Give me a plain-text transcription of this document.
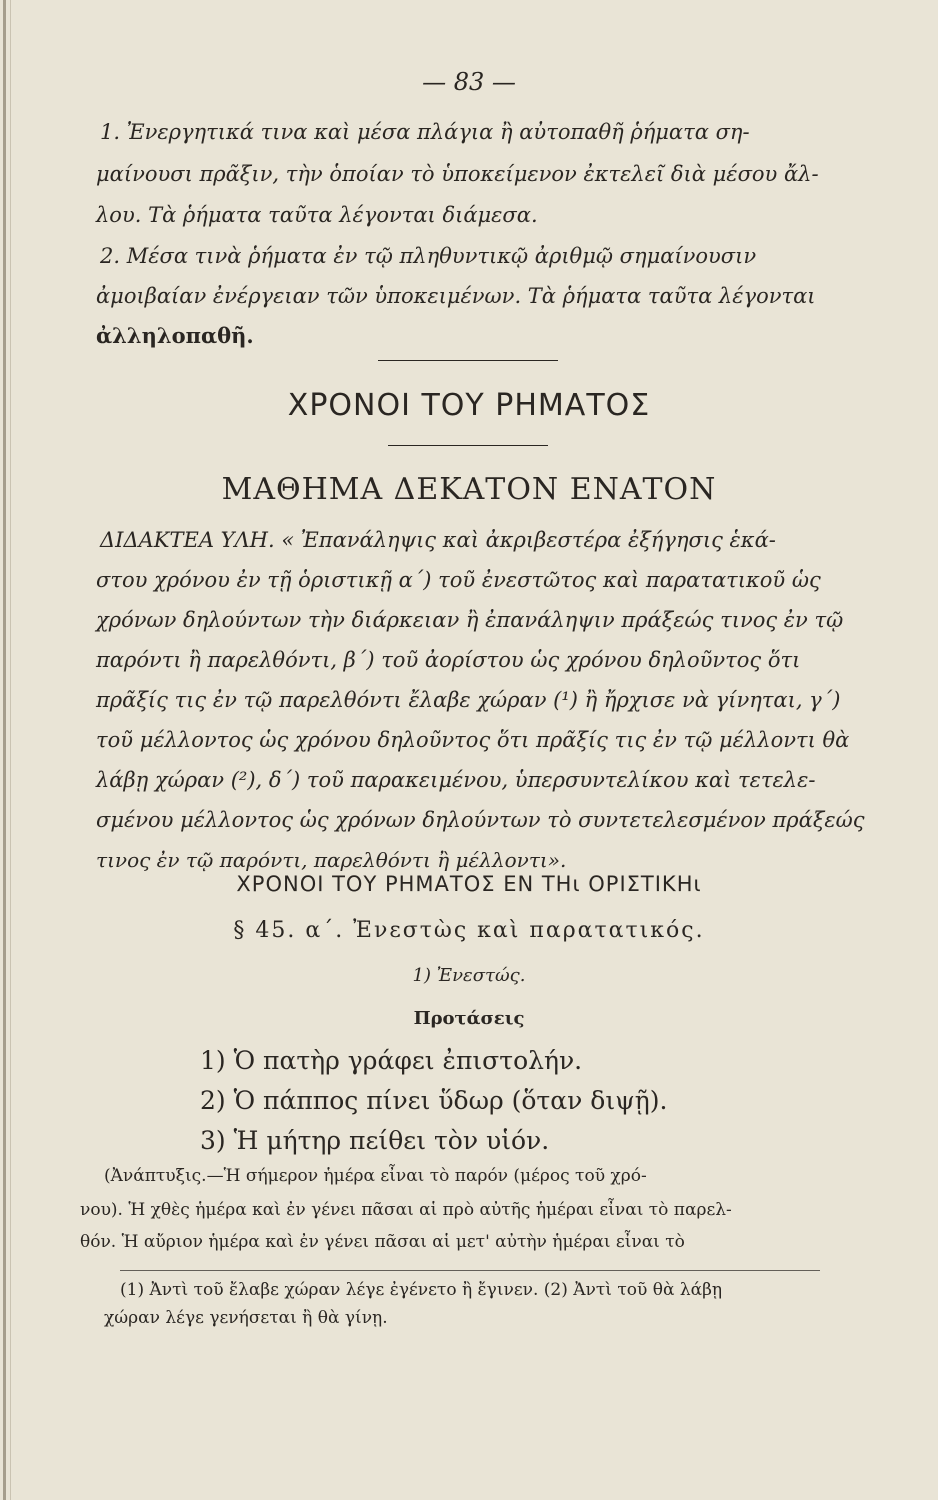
— 83 —
1. Ἐνεργητικά τινα καὶ μέσα πλάγια ἢ αὐτοπαθῆ ῥήματα ση-
μαίνουσι πρᾶξιν, τὴν ὁποίαν τὸ ὑποκείμενον ἐκτελεῖ διὰ μέσου ἄλ-
λου. Τὰ ῥήματα ταῦτα λέγονται διάμεσα.
2. Μέσα τινὰ ῥήματα ἐν τῷ πληθυντικῷ ἀριθμῷ σημαίνουσιν
ἀμοιβαίαν ἐνέργειαν τῶν ὑποκειμένων. Τὰ ῥήματα ταῦτα λέγονται
ἀλληλοπαθῆ.
ΧΡΟΝΟΙ ΤΟΥ ΡΗΜΑΤΟΣ
ΜΑΘΗΜΑ ΔΕΚΑΤΟΝ ΕΝΑΤΟΝ
ΔΙΔΑΚΤΕΑ ΥΛΗ. « Ἐπανάληψις καὶ ἀκριβεστέρα ἐξήγησις ἑκά-
στου χρόνου ἐν τῇ ὁριστικῇ α΄) τοῦ ἐνεστῶτος καὶ παρατατικοῦ ὡς
χρόνων δηλούντων τὴν διάρκειαν ἢ ἐπανάληψιν πράξεώς τινος ἐν τῷ
παρόντι ἢ παρελθόντι, β΄) τοῦ ἀορίστου ὡς χρόνου δηλοῦντος ὅτι
πρᾶξίς τις ἐν τῷ παρελθόντι ἔλαβε χώραν (¹) ἢ ἤρχισε νὰ γίνηται, γ΄)
τοῦ μέλλοντος ὡς χρόνου δηλοῦντος ὅτι πρᾶξίς τις ἐν τῷ μέλλοντι θὰ
λάβῃ χώραν (²), δ΄) τοῦ παρακειμένου, ὑπερσυντελίκου καὶ τετελε-
σμένου μέλλοντος ὡς χρόνων δηλούντων τὸ συντετελεσμένον πράξεώς
τινος ἐν τῷ παρόντι, παρελθόντι ἢ μέλλοντι».
ΧΡΟΝΟΙ ΤΟΥ ΡΗΜΑΤΟΣ ΕΝ ΤΗι ΟΡΙΣΤΙΚΗι
§ 45. α΄. Ἐνεστὼς καὶ παρατατικός.
1) Ἐνεστώς.
Προτάσεις
1) Ὁ πατὴρ γράφει ἐπιστολήν.
2) Ὁ πάππος πίνει ὕδωρ (ὅταν διψῇ).
3) Ἡ μήτηρ πείθει τὸν υἱόν.
(Ἀνάπτυξις.—Ἡ σήμερον ἡμέρα εἶναι τὸ παρόν (μέρος τοῦ χρό-
νου). Ἡ χθὲς ἡμέρα καὶ ἐν γένει πᾶσαι αἱ πρὸ αὐτῆς ἡμέραι εἶναι τὸ παρελ-
θόν. Ἡ αὔριον ἡμέρα καὶ ἐν γένει πᾶσαι αἱ μετ' αὐτὴν ἡμέραι εἶναι τὸ
(1) Ἀντὶ τοῦ ἔλαβε χώραν λέγε ἐγένετο ἢ ἔγινεν. (2) Ἀντὶ τοῦ θὰ λάβῃ
χώραν λέγε γενήσεται ἢ θὰ γίνῃ.
